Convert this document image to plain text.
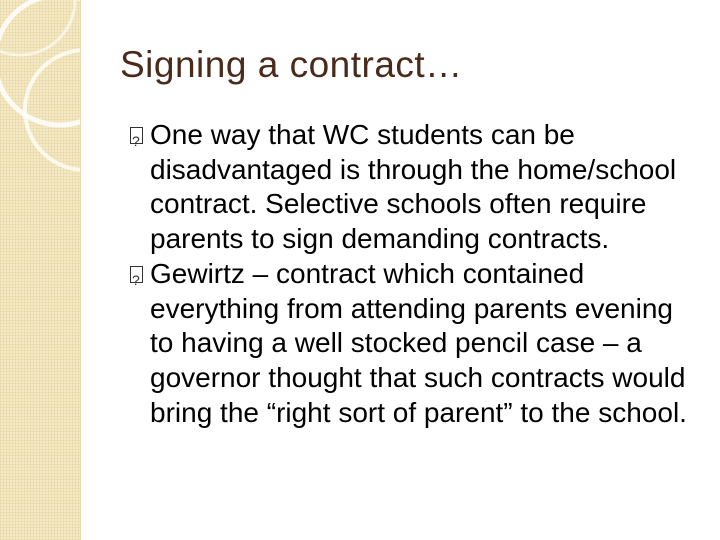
Signing a contract…
?
One way that WC students can be disadvantaged is through the home/school contract. Selective schools often require parents to sign demanding contracts.
?
Gewirtz – contract which contained everything from attending parents evening to having a well stocked pencil case – a governor thought that such contracts would bring the “right sort of parent” to the school.
